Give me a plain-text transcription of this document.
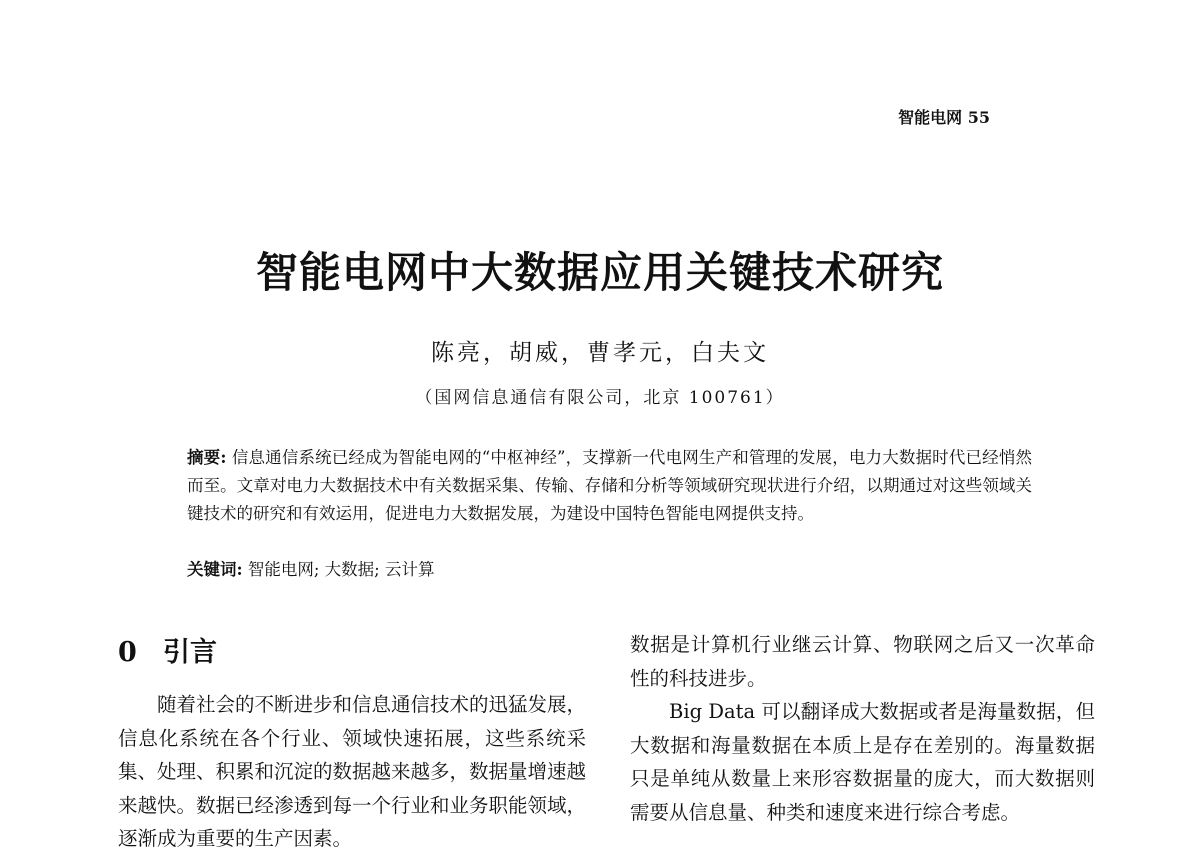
智能电网 55
智能电网中大数据应用关键技术研究
陈亮，胡威，曹孝元，白夫文
（国网信息通信有限公司，北京 100761）

摘要: 信息通信系统已经成为智能电网的“中枢神经”，支撑新一代电网生产和管理的发展，电力大数据时代已经悄然而至。文章对电力大数据技术中有关数据采集、传输、存储和分析等领域研究现状进行介绍，以期通过对这些领域关键技术的研究和有效运用，促进电力大数据发展，为建设中国特色智能电网提供支持。

关键词: 智能电网; 大数据; 云计算

0 引言

随着社会的不断进步和信息通信技术的迅猛发展，信息化系统在各个行业、领域快速拓展，这些系统采集、处理、积累和沉淀的数据越来越多，数据量增速越来越快。数据已经渗透到每一个行业和业务职能领域，逐渐成为重要的生产因素。

数据是计算机行业继云计算、物联网之后又一次革命性的科技进步。

Big Data 可以翻译成大数据或者是海量数据，但大数据和海量数据在本质上是存在差别的。海量数据只是单纯从数量上来形容数据量的庞大，而大数据则需要从信息量、种类和速度来进行综合考虑。
